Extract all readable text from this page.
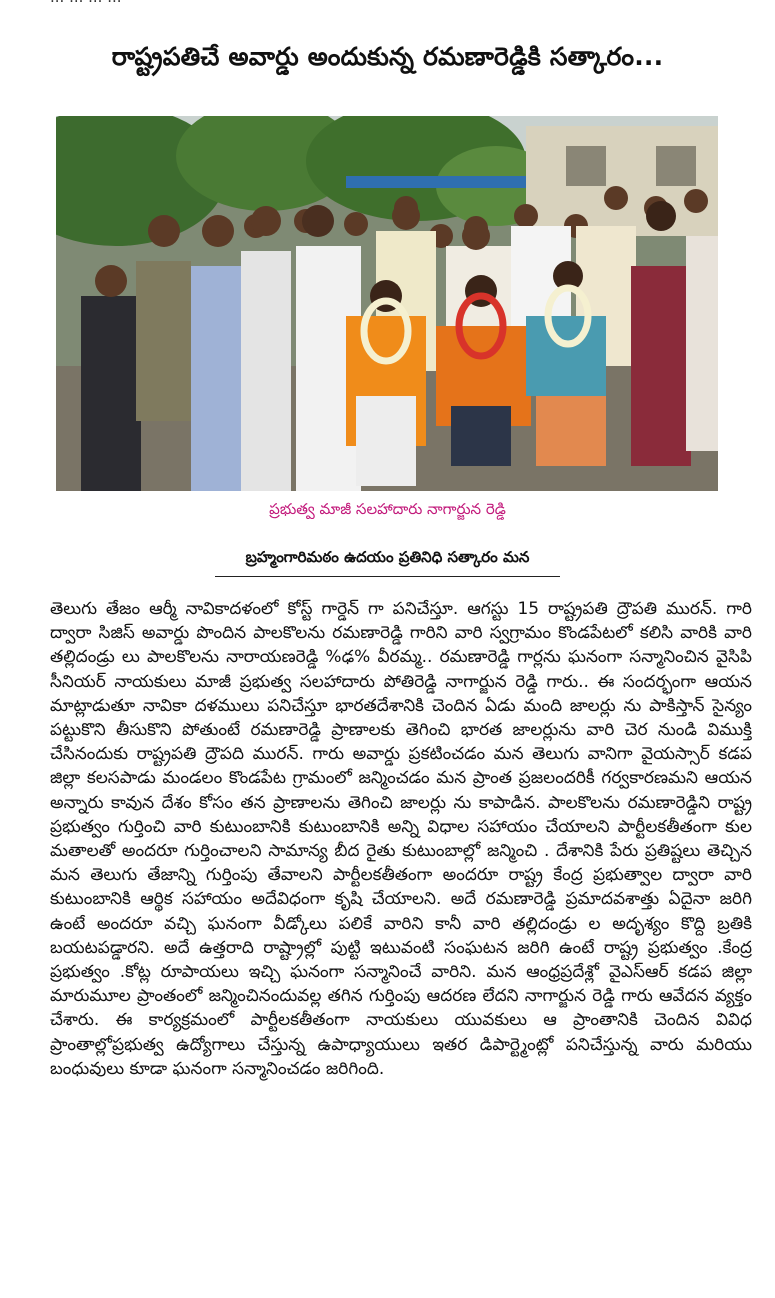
రాష్ట్రపతిచే అవార్డు అందుకున్న రమణారెడ్డికి సత్కారం...
ప్రభుత్వ మాజీ సలహాదారు నాగార్జున రెడ్డి
బ్రహ్మంగారిమఠం ఉదయం ప్రతినిధి సత్కారం మన
తెలుగు తేజం ఆర్మీ నావికాదళంలో కోస్ట్ గార్డెన్ గా పనిచేస్తూ. ఆగస్టు 15 రాష్ట్రపతి ద్రౌపతి మురన్. గారి ద్వారా సిజిస్ అవార్డు పొందిన పాలకొలను రమణారెడ్డి గారిని వారి స్వగ్రామం కొండపేటలో కలిసి వారికి వారి తల్లిదండ్రు లు పాలకొలను నారాయణరెడ్డి %ఢ% వీరమ్మ.. రమణారెడ్డి గార్లను ఘనంగా సన్మానించిన వైసిపి సీనియర్ నాయకులు మాజీ ప్రభుత్వ సలహాదారు పోతిరెడ్డి నాగార్జున రెడ్డి గారు.. ఈ సందర్భంగా ఆయన మాట్లాడుతూ నావికా దళములు పనిచేస్తూ భారతదేశానికి చెందిన ఏడు మంది జాలర్లు ను పాకిస్తాన్ సైన్యం పట్టుకొని తీసుకొని పోతుంటే రమణారెడ్డి ప్రాణాలకు తెగించి భారత జాలర్లును వారి చెర నుండి విముక్తి చేసినందుకు రాష్ట్రపతి ద్రౌపది మురన్. గారు అవార్డు ప్రకటించడం మన తెలుగు వానిగా వైయస్సార్ కడప జిల్లా కలసపాడు మండలం కొండపేట గ్రామంలో జన్మించడం మన ప్రాంత ప్రజలందరికీ గర్వకారణమని ఆయన అన్నారు కావున దేశం కోసం తన ప్రాణాలను తెగించి జాలర్లు ను కాపాడిన. పాలకొలను రమణారెడ్డిని రాష్ట్ర ప్రభుత్వం గుర్తించి వారి కుటుంబానికి కుటుంబానికి అన్ని విధాల సహాయం చేయాలని పార్టీలకతీతంగా కుల మతాలతో అందరూ గుర్తించాలని సామాన్య బీద రైతు కుటుంబాల్లో జన్మించి . దేశానికి పేరు ప్రతిష్టలు తెచ్చిన మన తెలుగు తేజాన్ని గుర్తింపు తేవాలని పార్టీలకతీతంగా అందరూ రాష్ట్ర కేంద్ర ప్రభుత్వాల ద్వారా వారి కుటుంబానికి ఆర్థిక సహాయం అదేవిధంగా కృషి చేయాలని. అదే రమణారెడ్డి ప్రమాదవశాత్తు ఏదైనా జరిగి ఉంటే అందరూ వచ్చి ఘనంగా వీడ్కోలు పలికే వారిని కానీ వారి తల్లిదండ్రు ల అదృశ్యం కొద్ది బ్రతికి బయటపడ్డారని. అదే ఉత్తరాది రాష్ట్రాల్లో పుట్టి ఇటువంటి సంఘటన జరిగి ఉంటే రాష్ట్ర ప్రభుత్వం .కేంద్ర ప్రభుత్వం .కోట్ల రూపాయలు ఇచ్చి ఘనంగా సన్మానించే వారిని. మన ఆంధ్రప్రదేశ్లో వైఎస్ఆర్ కడప జిల్లా మారుమూల ప్రాంతంలో జన్మించినందువల్ల తగిన గుర్తింపు ఆదరణ లేదని నాగార్జున రెడ్డి గారు ఆవేదన వ్యక్తం చేశారు. ఈ కార్యక్రమంలో పార్టీలకతీతంగా నాయకులు యువకులు ఆ ప్రాంతానికి చెందిన వివిధ ప్రాంతాల్లోప్రభుత్వ ఉద్యోగాలు చేస్తున్న ఉపాధ్యాయులు ఇతర డిపార్ట్మెంట్లో పనిచేస్తున్న వారు మరియు బంధువులు కూడా ఘనంగా సన్మానించడం జరిగింది.
